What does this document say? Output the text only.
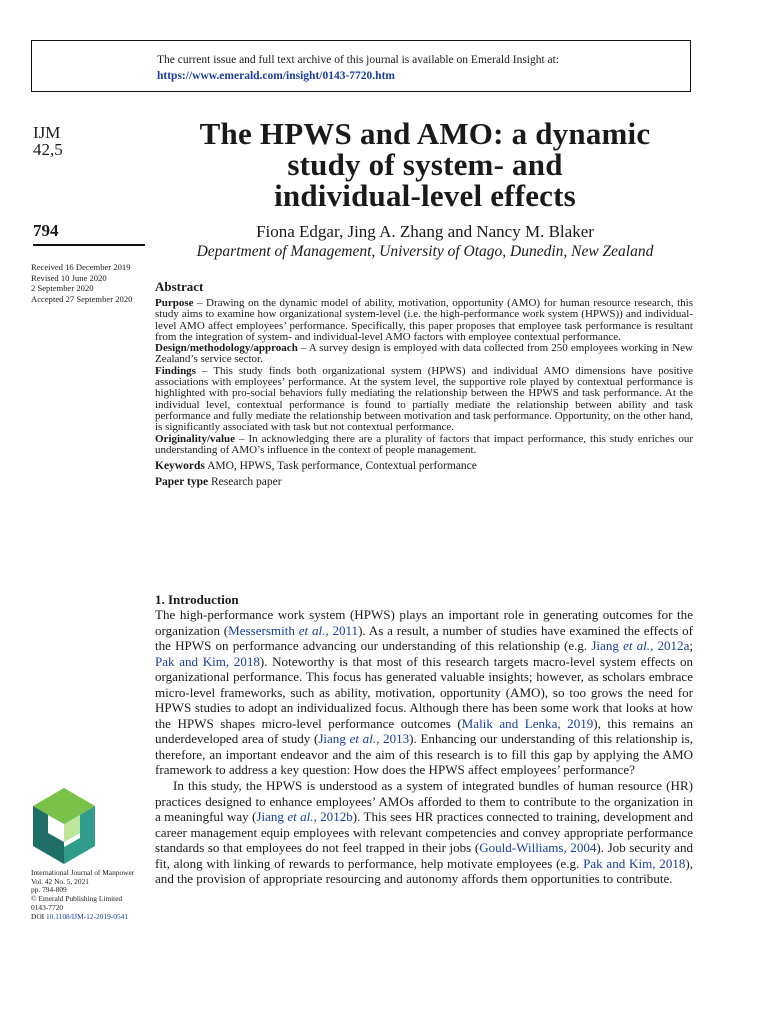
The current issue and full text archive of this journal is available on Emerald Insight at:
https://www.emerald.com/insight/0143-7720.htm
IJM
42,5
794
Received 16 December 2019
Revised 10 June 2020
2 September 2020
Accepted 27 September 2020
The HPWS and AMO: a dynamic
study of system- and
individual-level effects
Fiona Edgar, Jing A. Zhang and Nancy M. Blaker
Department of Management, University of Otago, Dunedin, New Zealand
Abstract

Purpose – Drawing on the dynamic model of ability, motivation, opportunity (AMO) for human resource research, this study aims to examine how organizational system-level (i.e. the high-performance work system (HPWS)) and individual-level AMO affect employees’ performance. Specifically, this paper proposes that employee task performance is resultant from the integration of system- and individual-level AMO factors with employee contextual performance.

Design/methodology/approach – A survey design is employed with data collected from 250 employees working in New Zealand’s service sector.

Findings – This study finds both organizational system (HPWS) and individual AMO dimensions have positive associations with employees’ performance. At the system level, the supportive role played by contextual performance is highlighted with pro-social behaviors fully mediating the relationship between the HPWS and task performance. At the individual level, contextual performance is found to partially mediate the relationship between ability and task performance and fully mediate the relationship between motivation and task performance. Opportunity, on the other hand, is significantly associated with task but not contextual performance.

Originality/value – In acknowledging there are a plurality of factors that impact performance, this study enriches our understanding of AMO’s influence in the context of people management.

Keywords AMO, HPWS, Task performance, Contextual performance

Paper type Research paper

1. Introduction

The high-performance work system (HPWS) plays an important role in generating outcomes for the organization (Messersmith et al., 2011). As a result, a number of studies have examined the effects of the HPWS on performance advancing our understanding of this relationship (e.g. Jiang et al., 2012a; Pak and Kim, 2018). Noteworthy is that most of this research targets macro-level system effects on organizational performance. This focus has generated valuable insights; however, as scholars embrace micro-level frameworks, such as ability, motivation, opportunity (AMO), so too grows the need for HPWS studies to adopt an individualized focus. Although there has been some work that looks at how the HPWS shapes micro-level performance outcomes (Malik and Lenka, 2019), this remains an underdeveloped area of study (Jiang et al., 2013). Enhancing our understanding of this relationship is, therefore, an important endeavor and the aim of this research is to fill this gap by applying the AMO framework to address a key question: How does the HPWS affect employees’ performance?

In this study, the HPWS is understood as a system of integrated bundles of human resource (HR) practices designed to enhance employees’ AMOs afforded to them to contribute to the organization in a meaningful way (Jiang et al., 2012b). This sees HR practices connected to training, development and career management equip employees with relevant competencies and convey appropriate performance standards so that employees do not feel trapped in their jobs (Gould-Williams, 2004). Job security and fit, along with linking of rewards to performance, help motivate employees (e.g. Pak and Kim, 2018), and the provision of appropriate resourcing and autonomy affords them opportunities to contribute.

International Journal of Manpower
Vol. 42 No. 5, 2021
pp. 794-809
© Emerald Publishing Limited
0143-7720
DOI 10.1108/IJM-12-2019-0541
